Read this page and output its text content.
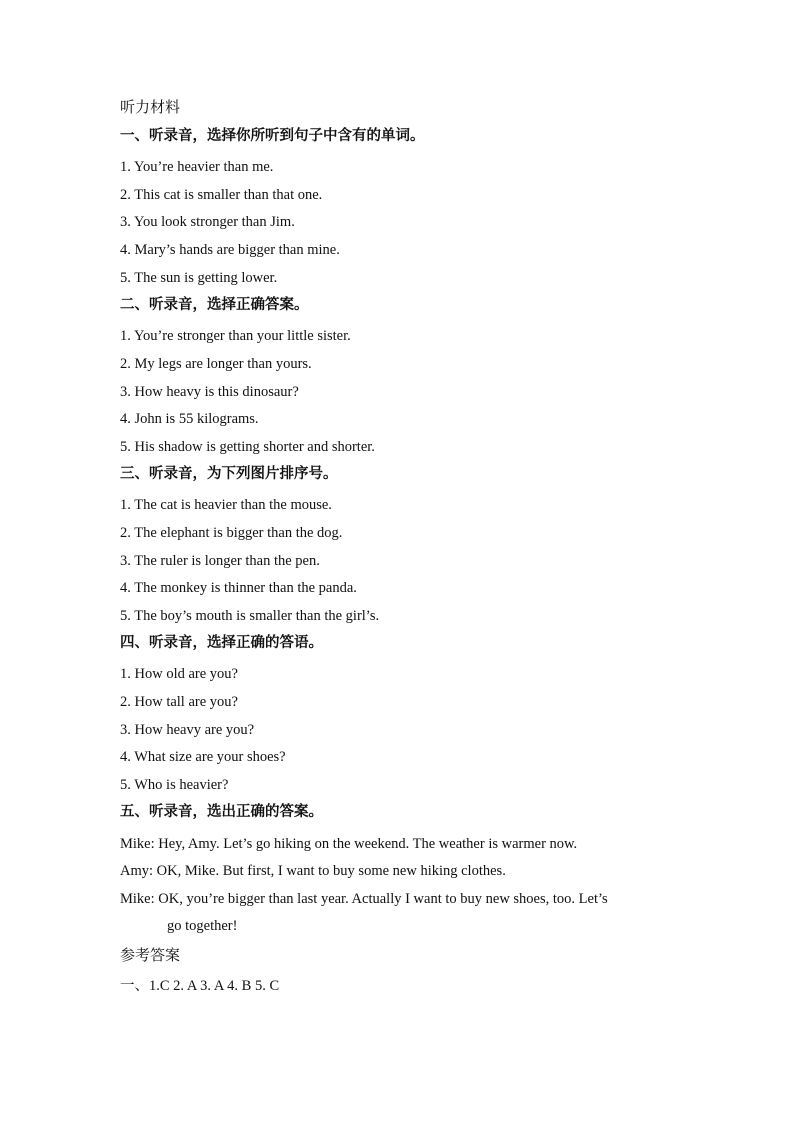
听力材料
一、听录音，选择你所听到句子中含有的单词。
1. You’re heavier than me.
2. This cat is smaller than that one.
3. You look stronger than Jim.
4. Mary’s hands are bigger than mine.
5. The sun is getting lower.
二、听录音，选择正确答案。
1. You’re stronger than your little sister.
2. My legs are longer than yours.
3. How heavy is this dinosaur?
4. John is 55 kilograms.
5. His shadow is getting shorter and shorter.
三、听录音，为下列图片排序号。
1. The cat is heavier than the mouse.
2. The elephant is bigger than the dog.
3. The ruler is longer than the pen.
4. The monkey is thinner than the panda.
5. The boy’s mouth is smaller than the girl’s.
四、听录音，选择正确的答语。
1. How old are you?
2. How tall are you?
3. How heavy are you?
4. What size are your shoes?
5. Who is heavier?
五、听录音，选出正确的答案。
Mike: Hey, Amy. Let’s go hiking on the weekend. The weather is warmer now.
Amy: OK, Mike. But first, I want to buy some new hiking clothes.
Mike: OK, you’re bigger than last year. Actually I want to buy new shoes, too. Let’s
go together!
参考答案
一、1.C 2. A 3. A 4. B 5. C
